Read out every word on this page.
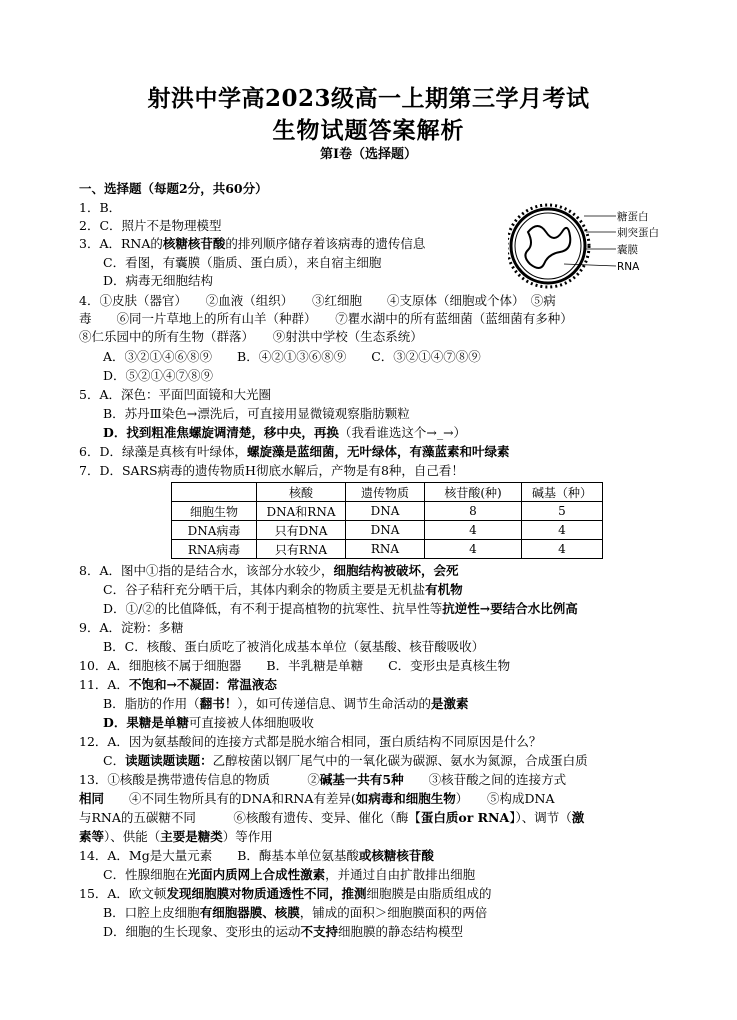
射洪中学高2023级高一上期第三学月考试
生物试题答案解析
第I卷（选择题）
一、选择题（每题2分，共60分）
1．B．
2．C．照片不是物理模型
3．A．RNA的核糖核苷酸的排列顺序储存着该病毒的遗传信息
C．看图，有囊膜（脂质、蛋白质），来自宿主细胞
D．病毒无细胞结构
糖蛋白
刺突蛋白
囊膜
RNA
4．①皮肤（器官）　　②血液（组织）　　③红细胞　　④支原体（细胞或个体）　⑤病
毒　　⑥同一片草地上的所有山羊（种群）　　⑦瞿水湖中的所有蓝细菌（蓝细菌有多种）
⑧仁乐园中的所有生物（群落）　　⑨射洪中学校（生态系统）
A．③②①④⑥⑧⑨　　B．④②①③⑥⑧⑨　　C．③②①④⑦⑧⑨
D．⑤②①④⑦⑧⑨
5．A．深色：平面凹面镜和大光圈
B．苏丹Ⅲ染色→漂洗后，可直接用显微镜观察脂肪颗粒
D．找到粗准焦螺旋调清楚，移中央，再换（我看谁选这个→_→）
6．D．绿藻是真核有叶绿体，螺旋藻是蓝细菌，无叶绿体，有藻蓝素和叶绿素
7．D．SARS病毒的遗传物质H彻底水解后，产物是有8种，自己看！
	核酸	遗传物质	核苷酸(种)	碱基（种）
细胞生物	DNA和RNA	DNA	8	5
DNA病毒	只有DNA	DNA	4	4
RNA病毒	只有RNA	RNA	4	4
8．A．图中①指的是结合水，该部分水较少，细胞结构被破坏，会死
C．谷子秸秆充分晒干后，其体内剩余的物质主要是无机盐有机物
D．①/②的比值降低，有不利于提高植物的抗寒性、抗旱性等抗逆性→要结合水比例高
9．A．淀粉：多糖
B．C．核酸、蛋白质吃了被消化成基本单位（氨基酸、核苷酸吸收）
10．A．细胞核不属于细胞器　　B．半乳糖是单糖　　C．变形虫是真核生物
11．A．不饱和→不凝固：常温液态
B．脂肪的作用（翻书！），如可传递信息、调节生命活动的是激素
D．果糖是单糖可直接被人体细胞吸收
12．A．因为氨基酸间的连接方式都是脱水缩合相同，蛋白质结构不同原因是什么？
C．读题读题读题：乙醇桉菌以钢厂尾气中的一氧化碳为碳源、氨水为氮源，合成蛋白质
13．①核酸是携带遗传信息的物质　　　②碱基一共有5种　　③核苷酸之间的连接方式
相同　　④不同生物所具有的DNA和RNA有差异(如病毒和细胞生物）　　⑤构成DNA
与RNA的五碳糖不同　　　⑥核酸有遗传、变异、催化（酶【蛋白质or RNA】）、调节（激
素等）、供能（主要是糖类）等作用
14．A．Mg是大量元素　　B．酶基本单位氨基酸或核糖核苷酸
C．性腺细胞在光面内质网上合成性激素，并通过自由扩散排出细胞
15．A．欧文顿发现细胞膜对物质通透性不同，推测细胞膜是由脂质组成的
B．口腔上皮细胞有细胞器膜、核膜，铺成的面积＞细胞膜面积的两倍
D．细胞的生长现象、变形虫的运动不支持细胞膜的静态结构模型
